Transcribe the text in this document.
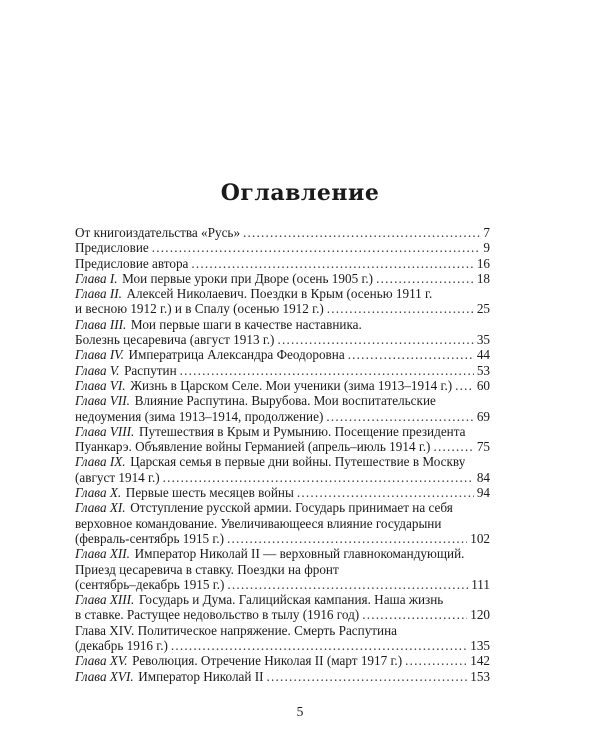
Оглавление
От книгоиздательства «Русь» .....	7
Предисловие .....	9
Предисловие автора .....	16
Глава I. Мои первые уроки при Дворе (осень 1905 г.) .....	18
Глава II. Алексей Николаевич. Поездки в Крым (осенью 1911 г.
и весною 1912 г.) и в Спалу (осенью 1912 г.) .....	25
Глава III. Мои первые шаги в качестве наставника.
Болезнь цесаревича (август 1913 г.) .....	35
Глава IV. Императрица Александра Феодоровна .....	44
Глава V. Распутин .....	53
Глава VI. Жизнь в Царском Селе. Мои ученики (зима 1913–1914 г.) ..... 60
Глава VII. Влияние Распутина. Вырубова. Мои воспитательские
недоумения (зима 1913–1914, продолжение) .....	69
Глава VIII. Путешествия в Крым и Румынию. Посещение президента
Пуанкарэ. Объявление войны Германией (апрель–июль 1914 г.) .....	75
Глава IX. Царская семья в первые дни войны. Путешествие в Москву
(август 1914 г.) .....	84
Глава X. Первые шесть месяцев войны .....	94
Глава XI. Отступление русской армии. Государь принимает на себя
верховное командование. Увеличивающееся влияние государыни
(февраль-сентябрь 1915 г.) .....	102
Глава XII. Император Николай II — верховный главнокомандующий.
Приезд цесаревича в ставку. Поездки на фронт
(сентябрь–декабрь 1915 г.) .....	111
Глава XIII. Государь и Дума. Галицийская кампания. Наша жизнь
в ставке. Растущее недовольство в тылу (1916 год) .....	120
Глава XIV. Политическое напряжение. Смерть Распутина
(декабрь 1916 г.) .....	135
Глава XV. Революция. Отречение Николая II (март 1917 г.) .....	142
Глава XVI. Император Николай II .....	153
5
